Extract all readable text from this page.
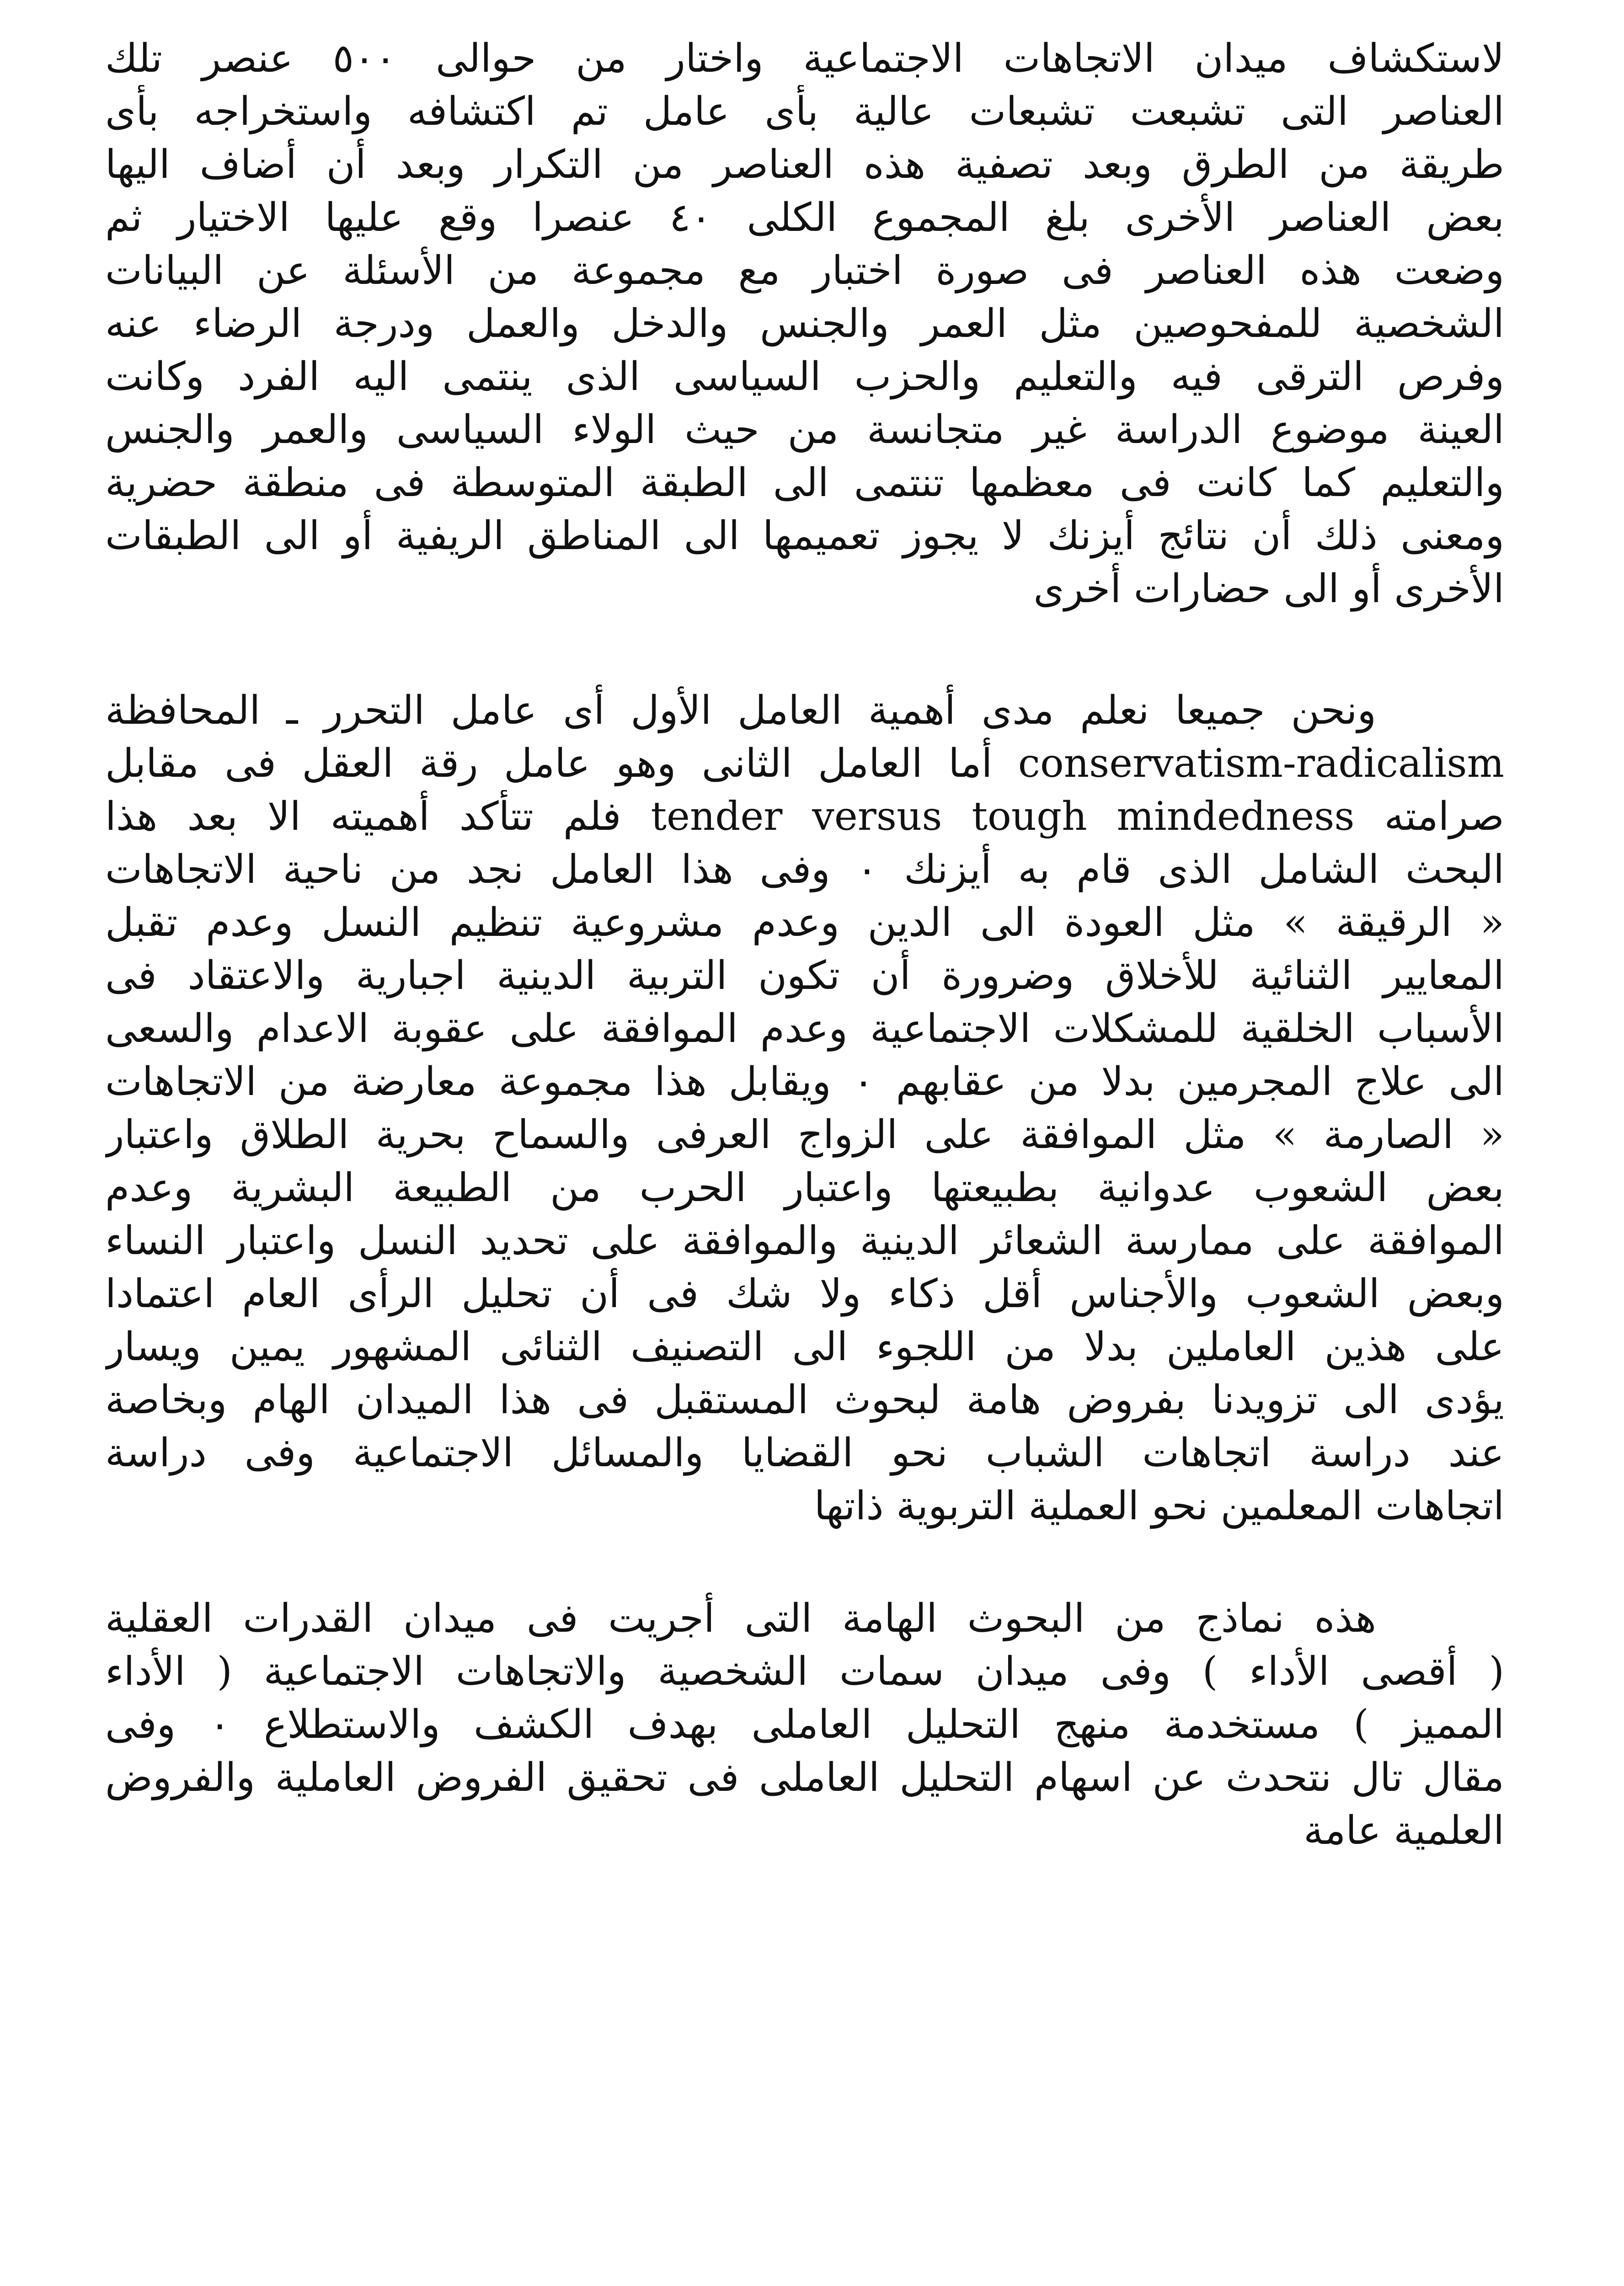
لاستكشاف ميدان الاتجاهات الاجتماعية واختار من حوالى ٥٠٠ عنصر تلك
العناصر التى تشبعت تشبعات عالية بأى عامل تم اكتشافه واستخراجه بأى
طريقة من الطرق وبعد تصفية هذه العناصر من التكرار وبعد أن أضاف اليها
بعض العناصر الأخرى بلغ المجموع الكلى ٤٠ عنصرا وقع عليها الاختيار ثم
وضعت هذه العناصر فى صورة اختبار مع مجموعة من الأسئلة عن البيانات
الشخصية للمفحوصين مثل العمر والجنس والدخل والعمل ودرجة الرضاء عنه
وفرص الترقى فيه والتعليم والحزب السياسى الذى ينتمى اليه الفرد وكانت
العينة موضوع الدراسة غير متجانسة من حيث الولاء السياسى والعمر والجنس
والتعليم كما كانت فى معظمها تنتمى الى الطبقة المتوسطة فى منطقة حضرية
ومعنى ذلك أن نتائج أيزنك لا يجوز تعميمها الى المناطق الريفية أو الى الطبقات
الأخرى أو الى حضارات أخرى
ونحن جميعا نعلم مدى أهمية العامل الأول أى عامل التحرر ـ المحافظة
conservatism-radicalism أما العامل الثانى وهو عامل رقة العقل فى مقابل
صرامته tender versus tough mindedness فلم تتأكد أهميته الا بعد هذا
البحث الشامل الذى قام به أيزنك ٠ وفى هذا العامل نجد من ناحية الاتجاهات
« الرقيقة » مثل العودة الى الدين وعدم مشروعية تنظيم النسل وعدم تقبل
المعايير الثنائية للأخلاق وضرورة أن تكون التربية الدينية اجبارية والاعتقاد فى
الأسباب الخلقية للمشكلات الاجتماعية وعدم الموافقة على عقوبة الاعدام والسعى
الى علاج المجرمين بدلا من عقابهم ٠ ويقابل هذا مجموعة معارضة من الاتجاهات
« الصارمة » مثل الموافقة على الزواج العرفى والسماح بحرية الطلاق واعتبار
بعض الشعوب عدوانية بطبيعتها واعتبار الحرب من الطبيعة البشرية وعدم
الموافقة على ممارسة الشعائر الدينية والموافقة على تحديد النسل واعتبار النساء
وبعض الشعوب والأجناس أقل ذكاء ولا شك فى أن تحليل الرأى العام اعتمادا
على هذين العاملين بدلا من اللجوء الى التصنيف الثنائى المشهور يمين ويسار
يؤدى الى تزويدنا بفروض هامة لبحوث المستقبل فى هذا الميدان الهام وبخاصة
عند دراسة اتجاهات الشباب نحو القضايا والمسائل الاجتماعية وفى دراسة
اتجاهات المعلمين نحو العملية التربوية ذاتها
هذه نماذج من البحوث الهامة التى أجريت فى ميدان القدرات العقلية
( أقصى الأداء ) وفى ميدان سمات الشخصية والاتجاهات الاجتماعية ( الأداء
المميز ) مستخدمة منهج التحليل العاملى بهدف الكشف والاستطلاع ٠ وفى
مقال تال نتحدث عن اسهام التحليل العاملى فى تحقيق الفروض العاملية والفروض
العلمية عامة
